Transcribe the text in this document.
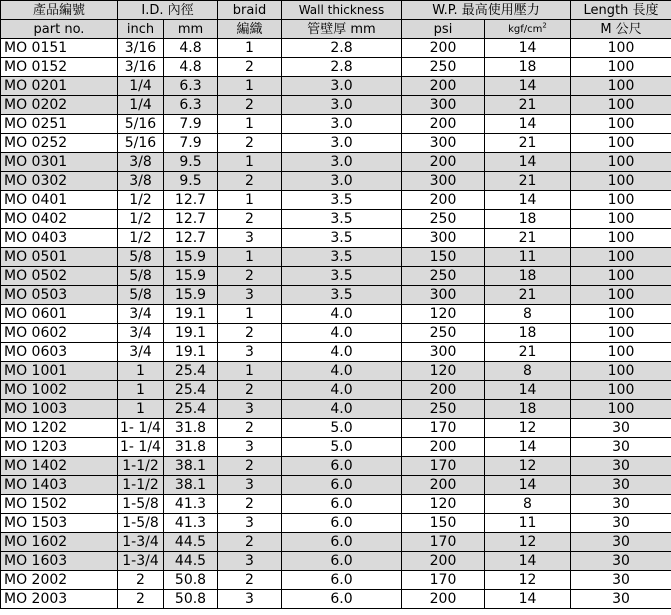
產品編號	I.D. 內徑		braid	Wall thickness	W.P. 最高使用壓力		Length 長度
part no.	inch	mm	編織	管壁厚 mm	psi	kgf/$cm^2$	M 公尺
MO 0151	3/16	4.8	1	2.8	200	14	100
MO 0152	3/16	4.8	2	2.8	250	18	100
MO 0201	1/4	6.3	1	3.0	200	14	100
MO 0202	1/4	6.3	2	3.0	300	21	100
MO 0251	5/16	7.9	1	3.0	200	14	100
MO 0252	5/16	7.9	2	3.0	300	21	100
MO 0301	3/8	9.5	1	3.0	200	14	100
MO 0302	3/8	9.5	2	3.0	300	21	100
MO 0401	1/2	12.7	1	3.5	200	14	100
MO 0402	1/2	12.7	2	3.5	250	18	100
MO 0403	1/2	12.7	3	3.5	300	21	100
MO 0501	5/8	15.9	1	3.5	150	11	100
MO 0502	5/8	15.9	2	3.5	250	18	100
MO 0503	5/8	15.9	3	3.5	300	21	100
MO 0601	3/4	19.1	1	4.0	120	8	100
MO 0602	3/4	19.1	2	4.0	250	18	100
MO 0603	3/4	19.1	3	4.0	300	21	100
MO 1001	1	25.4	1	4.0	120	8	100
MO 1002	1	25.4	2	4.0	200	14	100
MO 1003	1	25.4	3	4.0	250	18	100
MO 1202	1- 1/4	31.8	2	5.0	170	12	30
MO 1203	1- 1/4	31.8	3	5.0	200	14	30
MO 1402	1-1/2	38.1	2	6.0	170	12	30
MO 1403	1-1/2	38.1	3	6.0	200	14	30
MO 1502	1-5/8	41.3	2	6.0	120	8	30
MO 1503	1-5/8	41.3	3	6.0	150	11	30
MO 1602	1-3/4	44.5	2	6.0	170	12	30
MO 1603	1-3/4	44.5	3	6.0	200	14	30
MO 2002	2	50.8	2	6.0	170	12	30
MO 2003	2	50.8	3	6.0	200	14	30
